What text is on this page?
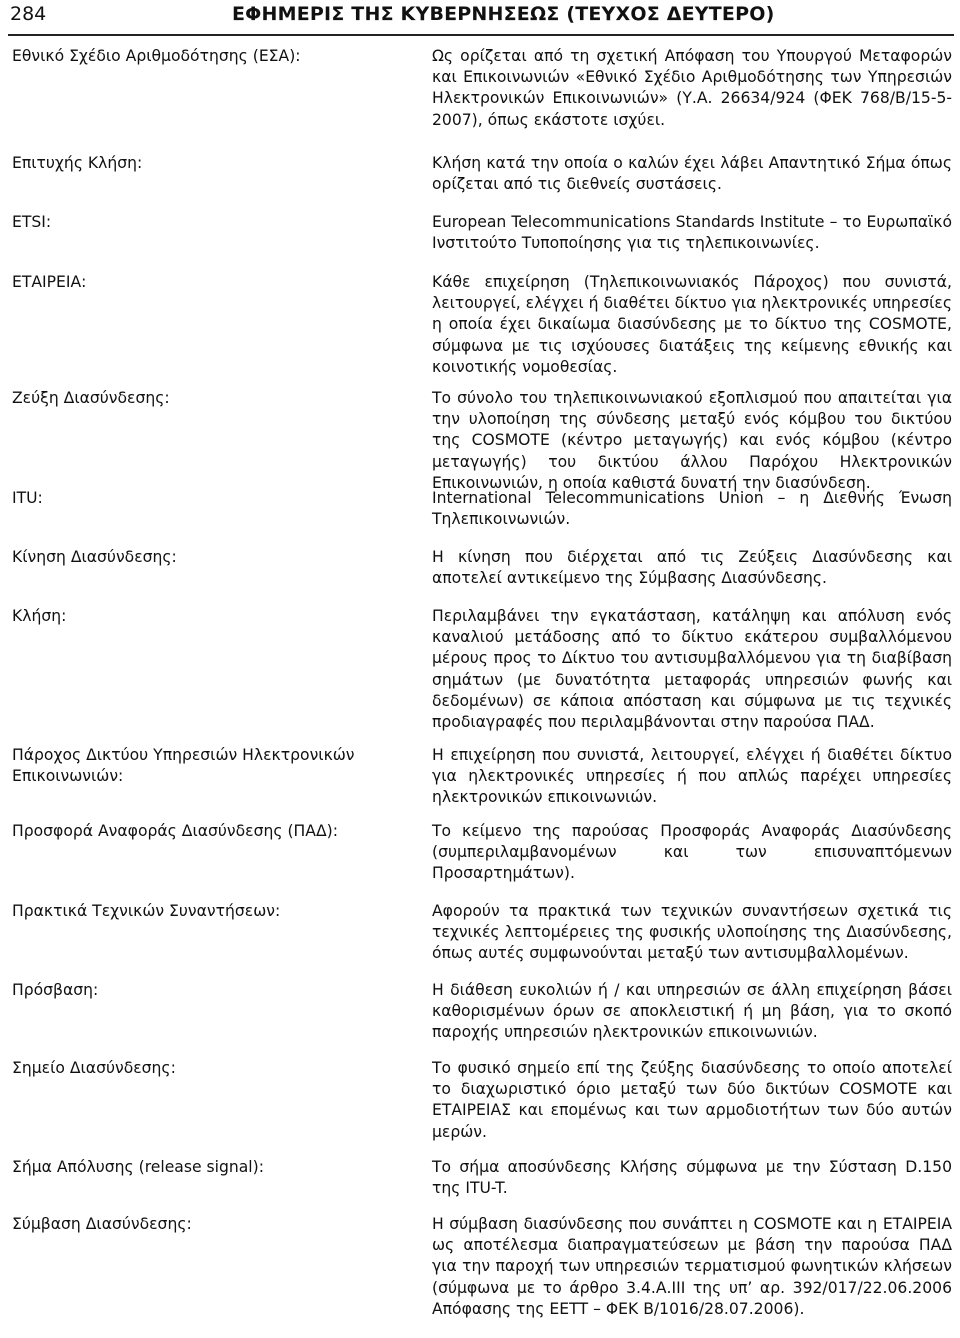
284	ΕΦΗΜΕΡΙΣ ΤΗΣ ΚΥΒΕΡΝΗΣΕΩΣ (ΤΕΥΧΟΣ ΔΕΥΤΕΡΟ)
Εθνικό Σχέδιο Αριθμοδότησης (ΕΣΑ):	Ως ορίζεται από τη σχετική Απόφαση του Υπουργού Μεταφορών και Επικοινωνιών «Εθνικό Σχέδιο Αριθμοδότησης των Υπηρεσιών Ηλεκτρονικών Επικοινωνιών» (Υ.Α. 26634/924 (ΦΕΚ 768/Β/15-5-2007), όπως εκάστοτε ισχύει.
Επιτυχής Κλήση:	Κλήση κατά την οποία ο καλών έχει λάβει Απαντητικό Σήμα όπως ορίζεται από τις διεθνείς συστάσεις.
ETSI:	European Telecommunications Standards Institute – το Ευρωπαϊκό Ινστιτούτο Τυποποίησης για τις τηλεπικοινωνίες.
ΕΤΑΙΡΕΙΑ:	Κάθε επιχείρηση (Τηλεπικοινωνιακός Πάροχος) που συνιστά, λειτουργεί, ελέγχει ή διαθέτει δίκτυο για ηλεκτρονικές υπηρεσίες η οποία έχει δικαίωμα διασύνδεσης με το δίκτυο της COSMOTE, σύμφωνα με τις ισχύουσες διατάξεις της κείμενης εθνικής και κοινοτικής νομοθεσίας.
Ζεύξη Διασύνδεσης:	Το σύνολο του τηλεπικοινωνιακού εξοπλισμού που απαιτείται για την υλοποίηση της σύνδεσης μεταξύ ενός κόμβου του δικτύου της COSMOTE (κέντρο μεταγωγής) και ενός κόμβου (κέντρο μεταγωγής) του δικτύου άλλου Παρόχου Ηλεκτρονικών Επικοινωνιών, η οποία καθιστά δυνατή την διασύνδεση.
ITU:	International Telecommunications Union – η Διεθνής Ένωση Τηλεπικοινωνιών.
Κίνηση Διασύνδεσης:	Η κίνηση που διέρχεται από τις Ζεύξεις Διασύνδεσης και αποτελεί αντικείμενο της Σύμβασης Διασύνδεσης.
Κλήση:	Περιλαμβάνει την εγκατάσταση, κατάληψη και απόλυση ενός καναλιού μετάδοσης από το δίκτυο εκάτερου συμβαλλόμενου μέρους προς το Δίκτυο του αντισυμβαλλόμενου για τη διαβίβαση σημάτων (με δυνατότητα μεταφοράς υπηρεσιών φωνής και δεδομένων) σε κάποια απόσταση και σύμφωνα με τις τεχνικές προδιαγραφές που περιλαμβάνονται στην παρούσα ΠΑΔ.
Πάροχος Δικτύου Υπηρεσιών Ηλεκτρονικών Επικοινωνιών:
Η επιχείρηση που συνιστά, λειτουργεί, ελέγχει ή διαθέτει δίκτυο για ηλεκτρονικές υπηρεσίες ή που απλώς παρέχει υπηρεσίες ηλεκτρονικών επικοινωνιών.
Προσφορά Αναφοράς Διασύνδεσης (ΠΑΔ):	Το κείμενο της παρούσας Προσφοράς Αναφοράς Διασύνδεσης (συμπεριλαμβανομένων και των επισυναπτόμενων Προσαρτημάτων).
Πρακτικά Τεχνικών Συναντήσεων:	Αφορούν τα πρακτικά των τεχνικών συναντήσεων σχετικά τις τεχνικές λεπτομέρειες της φυσικής υλοποίησης της Διασύνδεσης, όπως αυτές συμφωνούνται μεταξύ των αντισυμβαλλομένων.
Πρόσβαση:	Η διάθεση ευκολιών ή / και υπηρεσιών σε άλλη επιχείρηση βάσει καθορισμένων όρων σε αποκλειστική ή μη βάση, για το σκοπό παροχής υπηρεσιών ηλεκτρονικών επικοινωνιών.
Σημείο Διασύνδεσης:	Το φυσικό σημείο επί της ζεύξης διασύνδεσης το οποίο αποτελεί το διαχωριστικό όριο μεταξύ των δύο δικτύων COSMOTE και ΕΤΑΙΡΕΙΑΣ και επομένως και των αρμοδιοτήτων των δύο αυτών μερών.
Σήμα Απόλυσης (release signal):	Το σήμα αποσύνδεσης Κλήσης σύμφωνα με την Σύσταση D.150 της ITU-T.
Σύμβαση Διασύνδεσης:	Η σύμβαση διασύνδεσης που συνάπτει η COSMOTE και η ΕΤΑΙΡΕΙΑ ως αποτέλεσμα διαπραγματεύσεων με βάση την παρούσα ΠΑΔ για την παροχή των υπηρεσιών τερματισμού φωνητικών κλήσεων (σύμφωνα με το άρθρο 3.4.Α.ΙΙΙ της υπ’ αρ. 392/017/22.06.2006 Απόφασης της ΕΕΤΤ – ΦΕΚ Β/1016/28.07.2006).
